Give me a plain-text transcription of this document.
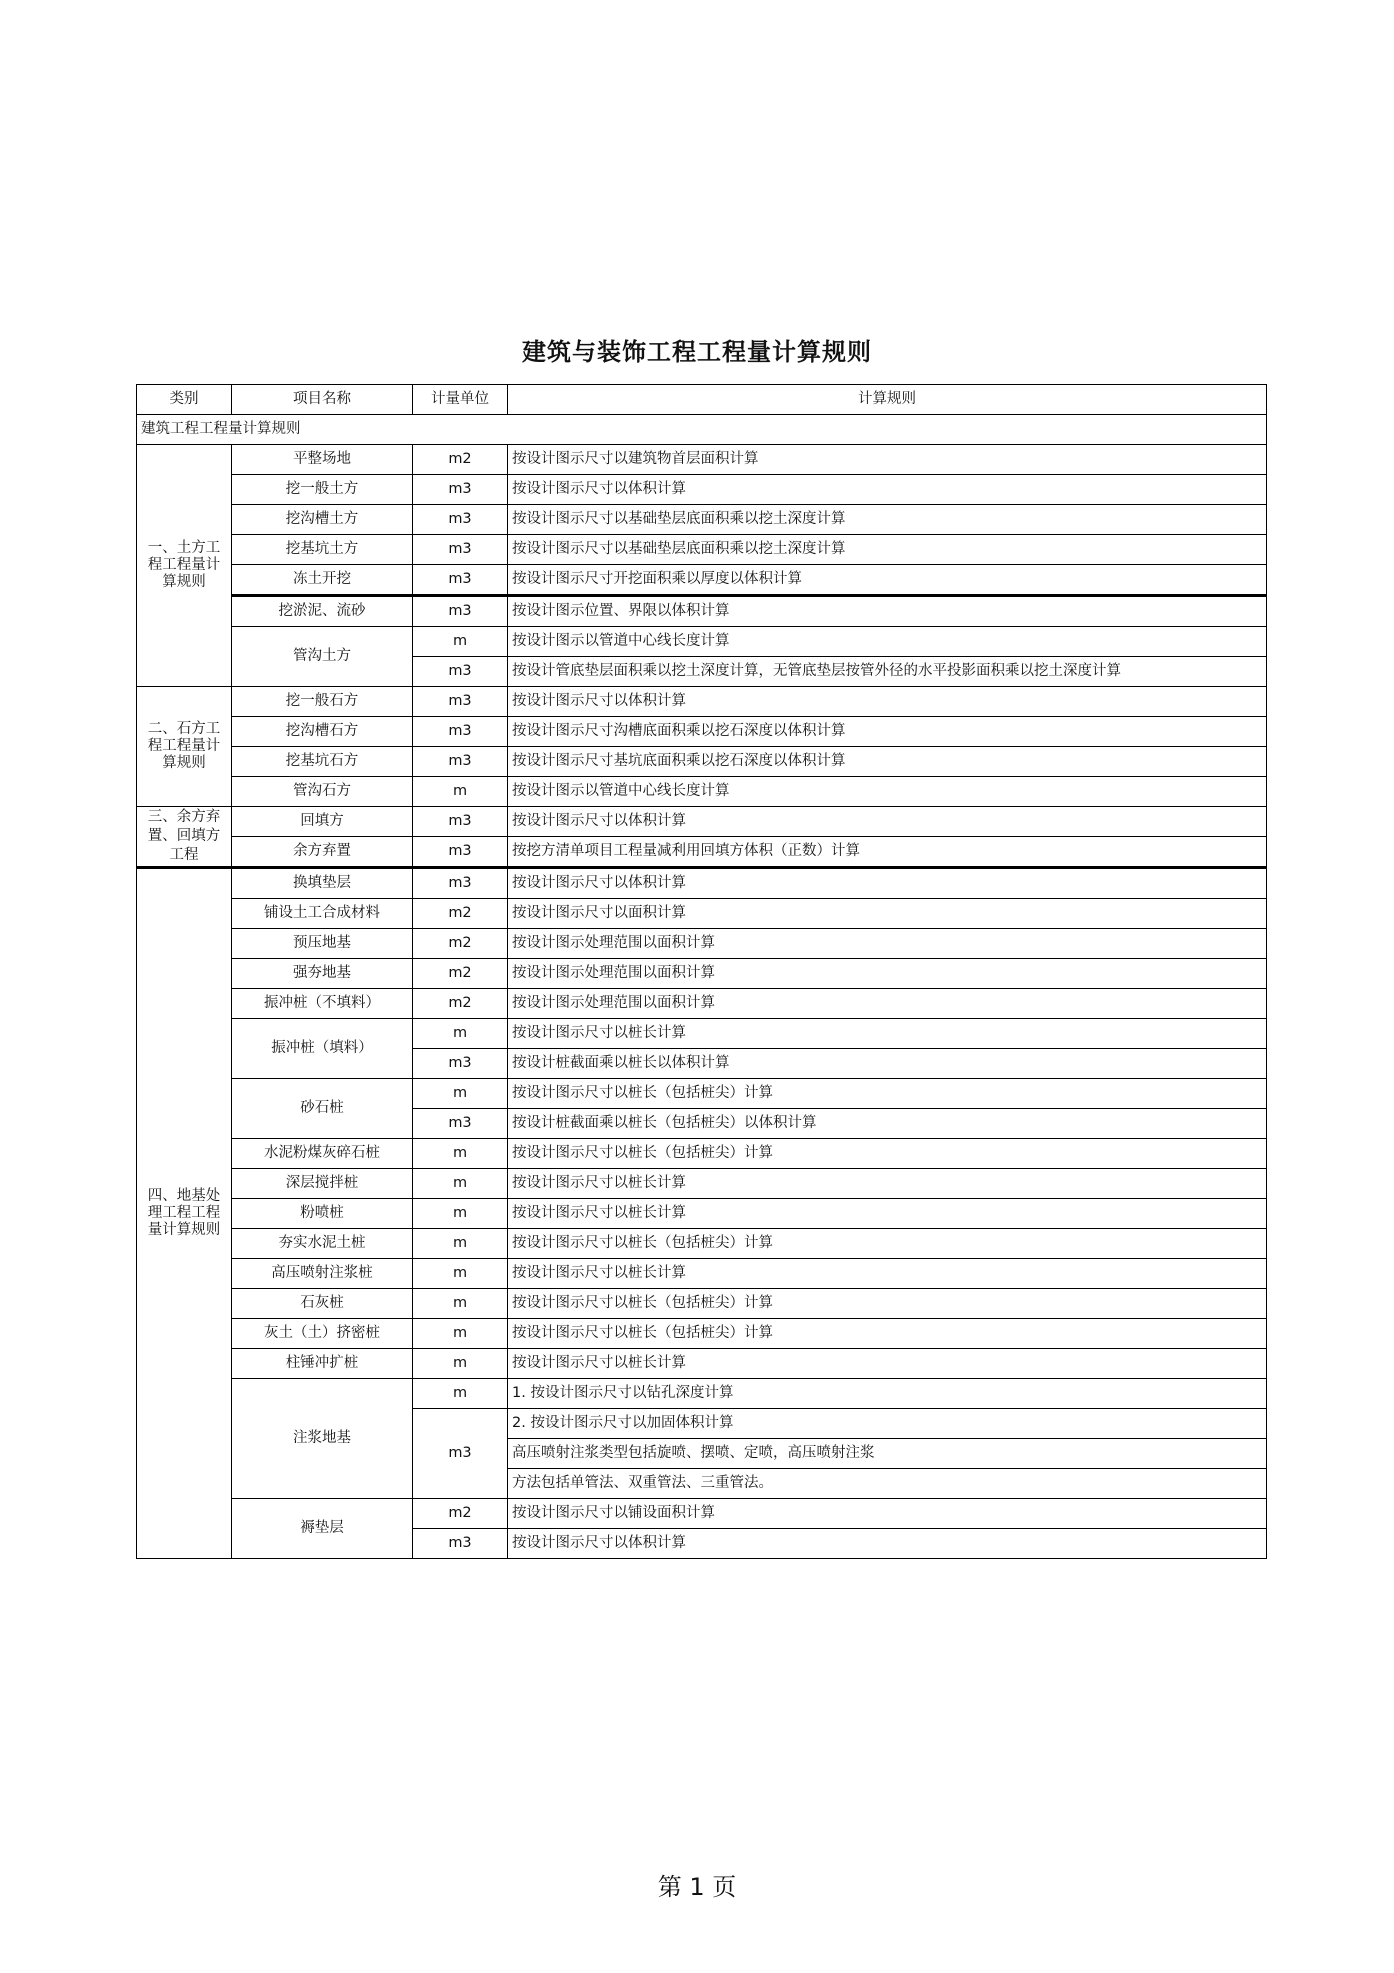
建筑与装饰工程工程量计算规则
类别	项目名称	计量单位	计算规则
建筑工程工程量计算规则			
一、土方工程工程量计算规则	平整场地	m2	按设计图示尺寸以建筑物首层面积计算
	挖一般土方	m3	按设计图示尺寸以体积计算
	挖沟槽土方	m3	按设计图示尺寸以基础垫层底面积乘以挖土深度计算
	挖基坑土方	m3	按设计图示尺寸以基础垫层底面积乘以挖土深度计算
	冻土开挖	m3	按设计图示尺寸开挖面积乘以厚度以体积计算
	挖淤泥、流砂	m3	按设计图示位置、界限以体积计算
	管沟土方	m	按设计图示以管道中心线长度计算
		m3	按设计管底垫层面积乘以挖土深度计算，无管底垫层按管外径的水平投影面积乘以挖土深度计算
二、石方工程工程量计算规则	挖一般石方	m3	按设计图示尺寸以体积计算
	挖沟槽石方	m3	按设计图示尺寸沟槽底面积乘以挖石深度以体积计算
	挖基坑石方	m3	按设计图示尺寸基坑底面积乘以挖石深度以体积计算
	管沟石方	m	按设计图示以管道中心线长度计算
三、余方弃置、回填方工程	回填方	m3	按设计图示尺寸以体积计算
	余方弃置	m3	按挖方清单项目工程量减利用回填方体积（正数）计算
四、地基处理工程工程量计算规则	换填垫层	m3	按设计图示尺寸以体积计算
	铺设土工合成材料	m2	按设计图示尺寸以面积计算
	预压地基	m2	按设计图示处理范围以面积计算
	强夯地基	m2	按设计图示处理范围以面积计算
	振冲桩（不填料）	m2	按设计图示处理范围以面积计算
	振冲桩（填料）	m	按设计图示尺寸以桩长计算
		m3	按设计桩截面乘以桩长以体积计算
	砂石桩	m	按设计图示尺寸以桩长（包括桩尖）计算
		m3	按设计桩截面乘以桩长（包括桩尖）以体积计算
	水泥粉煤灰碎石桩	m	按设计图示尺寸以桩长（包括桩尖）计算
	深层搅拌桩	m	按设计图示尺寸以桩长计算
	粉喷桩	m	按设计图示尺寸以桩长计算
	夯实水泥土桩	m	按设计图示尺寸以桩长（包括桩尖）计算
	高压喷射注浆桩	m	按设计图示尺寸以桩长计算
	石灰桩	m	按设计图示尺寸以桩长（包括桩尖）计算
	灰土（土）挤密桩	m	按设计图示尺寸以桩长（包括桩尖）计算
	柱锤冲扩桩	m	按设计图示尺寸以桩长计算
	注浆地基	m	1. 按设计图示尺寸以钻孔深度计算
		m3	2. 按设计图示尺寸以加固体积计算
			高压喷射注浆类型包括旋喷、摆喷、定喷，高压喷射注浆
			方法包括单管法、双重管法、三重管法。
	褥垫层	m2	按设计图示尺寸以铺设面积计算
		m3	按设计图示尺寸以体积计算
第 1 页
